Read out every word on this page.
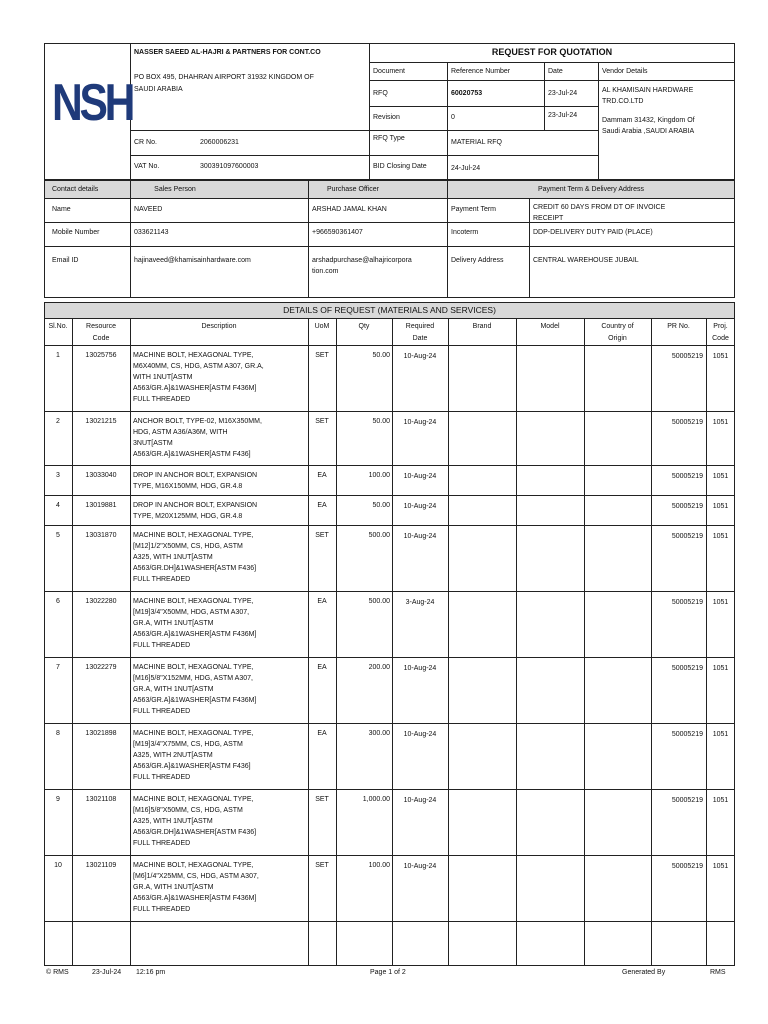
NSH
NASSER SAEED AL-HAJRI & PARTNERS FOR CONT.CO
PO BOX 495, DHAHRAN AIRPORT 31932 KINGDOM OF
SAUDI ARABIA
CR No.	2060006231
VAT No.	300391097600003
REQUEST FOR QUOTATION
Document	Reference Number	Date	Vendor Details
RFQ	60020753	23-Jul-24
Revision	0	23-Jul-24
RFQ Type
MATERIAL RFQ
BID Closing Date	24-Jul-24
AL KHAMISAIN HARDWARE
TRD.CO.LTD
Dammam 31432, Kingdom Of
Saudi Arabia ,SAUDI ARABIA
Contact details	Sales Person	Purchase Officer	Payment Term & Delivery Address
Name	NAVEED	ARSHAD JAMAL KHAN	Payment Term	CREDIT 60 DAYS FROM DT OF INVOICE
RECEIPT
Mobile Number	033621143	+966590361407	Incoterm	DDP-DELIVERY DUTY PAID (PLACE)
Email ID	hajinaveed@khamisainhardware.com	arshadpurchase@alhajricorpora
tion.com
Delivery Address	CENTRAL WAREHOUSE JUBAIL
DETAILS OF REQUEST (MATERIALS AND SERVICES)
Sl.No.	Resource
Code
Description	UoM	Qty	Required
Date
Brand	Model	Country of
Origin
PR No.	Proj.
Code
1	13025756	MACHINE BOLT, HEXAGONAL TYPE,
M6X40MM, CS, HDG, ASTM A307, GR.A,
WITH 1NUT[ASTM
A563/GR.A]&1WASHER[ASTM F436M]
FULL THREADED
SET	50.00	10-Aug-24	50005219	1051
2	13021215	ANCHOR BOLT, TYPE-02, M16X350MM,
HDG, ASTM A36/A36M, WITH
3NUT[ASTM
A563/GR.A]&1WASHER[ASTM F436]
SET	50.00	10-Aug-24	50005219	1051
3	13033040	DROP IN ANCHOR BOLT, EXPANSION
TYPE, M16X150MM, HDG, GR.4.8
EA	100.00	10-Aug-24	50005219	1051
4	13019881	DROP IN ANCHOR BOLT, EXPANSION
TYPE, M20X125MM, HDG, GR.4.8
EA	50.00	10-Aug-24	50005219	1051
5	13031870	MACHINE BOLT, HEXAGONAL TYPE,
[M12]1/2"X50MM, CS, HDG, ASTM
A325, WITH 1NUT[ASTM
A563/GR.DH]&1WASHER[ASTM F436]
FULL THREADED
SET	500.00	10-Aug-24	50005219	1051
6	13022280	MACHINE BOLT, HEXAGONAL TYPE,
[M19]3/4"X50MM, HDG, ASTM A307,
GR.A, WITH 1NUT[ASTM
A563/GR.A]&1WASHER[ASTM F436M]
FULL THREADED
EA	500.00	3-Aug-24	50005219	1051
7	13022279	MACHINE BOLT, HEXAGONAL TYPE,
[M16]5/8"X152MM, HDG, ASTM A307,
GR.A, WITH 1NUT[ASTM
A563/GR.A]&1WASHER[ASTM F436M]
FULL THREADED
EA	200.00	10-Aug-24	50005219	1051
8	13021898	MACHINE BOLT, HEXAGONAL TYPE,
[M19]3/4"X75MM, CS, HDG, ASTM
A325, WITH 2NUT[ASTM
A563/GR.A]&1WASHER[ASTM F436]
FULL THREADED
EA	300.00	10-Aug-24	50005219	1051
9	13021108	MACHINE BOLT, HEXAGONAL TYPE,
[M16]5/8"X50MM, CS, HDG, ASTM
A325, WITH 1NUT[ASTM
A563/GR.DH]&1WASHER[ASTM F436]
FULL THREADED
SET	1,000.00	10-Aug-24	50005219	1051
10	13021109	MACHINE BOLT, HEXAGONAL TYPE,
[M6]1/4"X25MM, CS, HDG, ASTM A307,
GR.A, WITH 1NUT[ASTM
A563/GR.A]&1WASHER[ASTM F436M]
FULL THREADED
SET	100.00	10-Aug-24	50005219	1051
© RMS	23-Jul-24 12:16 pm	Page 1 of 2	Generated By	RMS
